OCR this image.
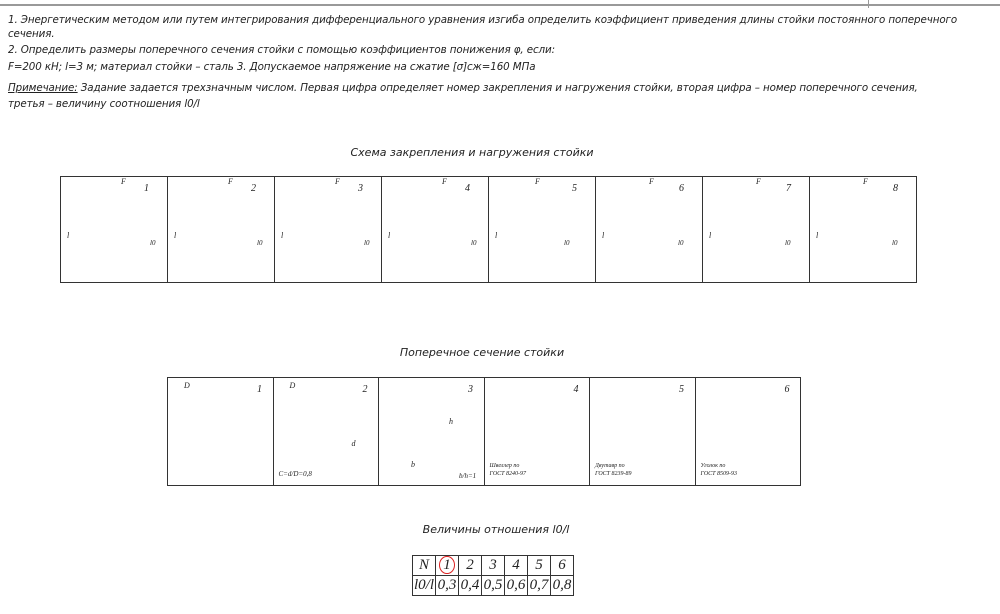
1. Энергетическим методом или путем интегрирования дифференциального уравнения изгиба определить коэффициент приведения длины стойки постоянного поперечного
сечения.
2. Определить размеры поперечного сечения стойки с помощью коэффициентов понижения φ, если:
F=200 кН; l=3 м; материал стойки – сталь 3. Допускаемое напряжение на сжатие [σ]сж=160 МПа
Примечание: Задание задается трехзначным числом. Первая цифра определяет номер закрепления и нагружения стойки, вторая цифра – номер поперечного сечения,
третья – величину соотношения l0/l
Схема закрепления и нагружения стойки
1
F
l
l0
2
F
l
l0
3
F
l
l0
4
F
l
l0
5
F
l
l0
6
F
l
l0
7
F
l
l0
8
F
l
l0
Поперечное сечение стойки
1
D	2
D
d
C=d/D=0,8
3
b
h
b/h=1
4
Швеллер по
ГОСТ 8240-97
5
Двутавр по
ГОСТ 8239-89
6
Уголок по
ГОСТ 8509-93
Величины отношения l0/l
N	1	2	3	4	5	6
l0/l	0,3	0,4	0,5	0,6	0,7	0,8
